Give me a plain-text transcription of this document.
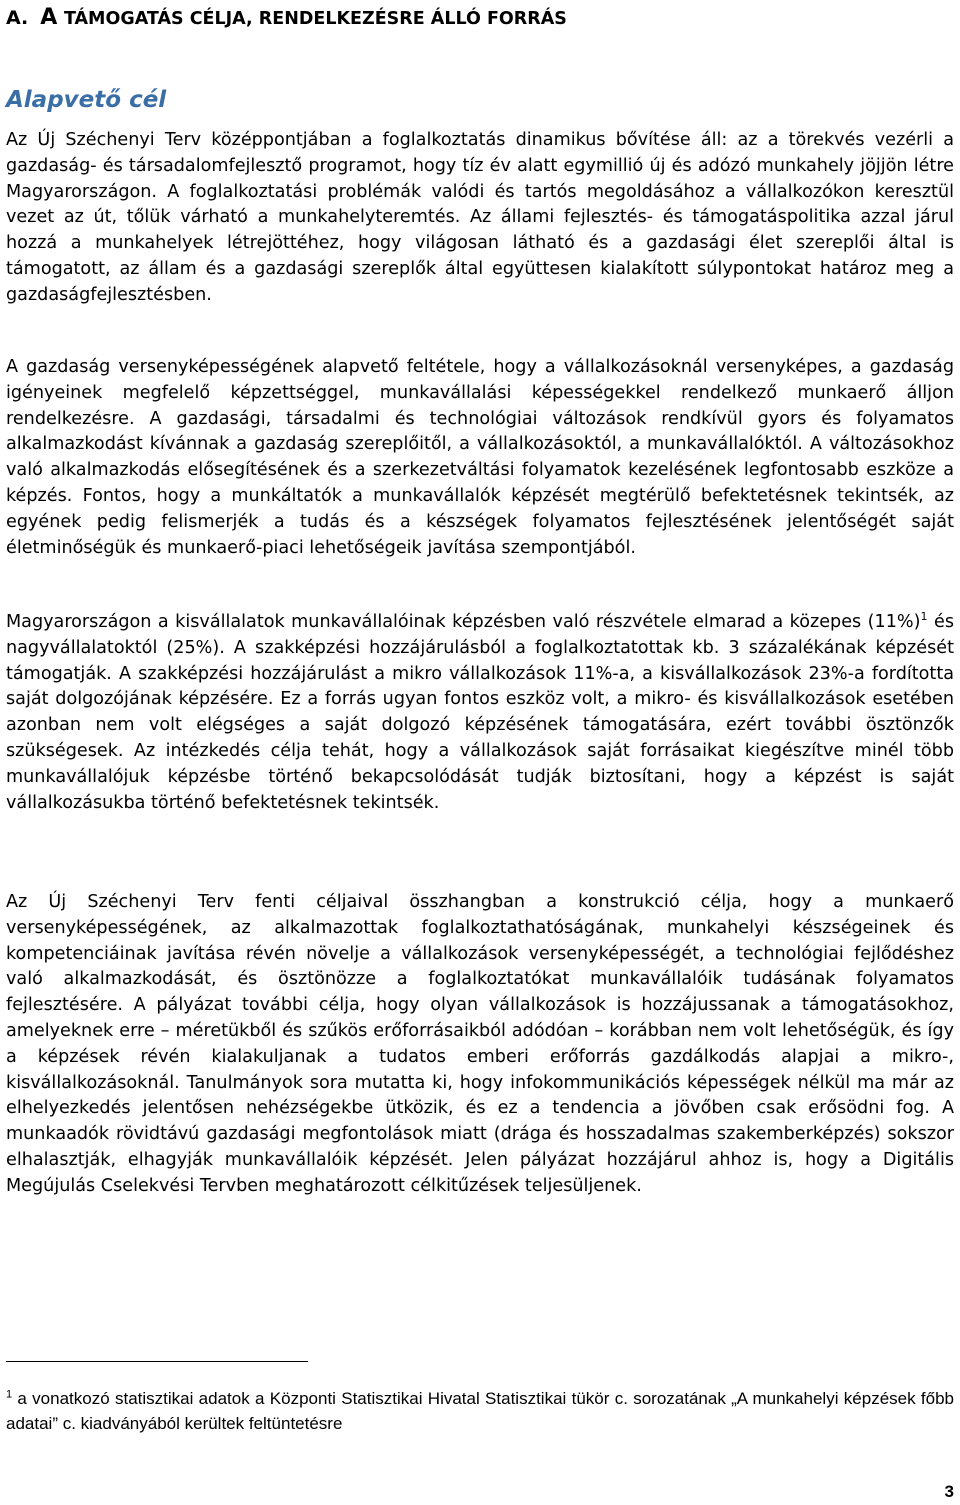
A. A TÁMOGATÁS CÉLJA, RENDELKEZÉSRE ÁLLÓ FORRÁS
Alapvető cél

Az Új Széchenyi Terv középpontjában a foglalkoztatás dinamikus bővítése áll: az a törekvés vezérli a gazdaság- és társadalomfejlesztő programot, hogy tíz év alatt egymillió új és adózó munkahely jöjjön létre Magyarországon. A foglalkoztatási problémák valódi és tartós megoldásához a vállalkozókon keresztül vezet az út, tőlük várható a munkahelyteremtés. Az állami fejlesztés- és támogatáspolitika azzal járul hozzá a munkahelyek létrejöttéhez, hogy világosan látható és a gazdasági élet szereplői által is támogatott, az állam és a gazdasági szereplők által együttesen kialakított súlypontokat határoz meg a gazdaságfejlesztésben.

A gazdaság versenyképességének alapvető feltétele, hogy a vállalkozásoknál versenyképes, a gazdaság igényeinek megfelelő képzettséggel, munkavállalási képességekkel rendelkező munkaerő álljon rendelkezésre. A gazdasági, társadalmi és technológiai változások rendkívül gyors és folyamatos alkalmazkodást kívánnak a gazdaság szereplőitől, a vállalkozásoktól, a munkavállalóktól. A változásokhoz való alkalmazkodás elősegítésének és a szerkezetváltási folyamatok kezelésének legfontosabb eszköze a képzés. Fontos, hogy a munkáltatók a munkavállalók képzését megtérülő befektetésnek tekintsék, az egyének pedig felismerjék a tudás és a készségek folyamatos fejlesztésének jelentőségét saját életminőségük és munkaerő-piaci lehetőségeik javítása szempontjából.

Magyarországon a kisvállalatok munkavállalóinak képzésben való részvétele elmarad a közepes $(11\%)^1$ és nagyvállalatoktól (25%). A szakképzési hozzájárulásból a foglalkoztatottak kb. 3 százalékának képzését támogatják. A szakképzési hozzájárulást a mikro vállalkozások 11%-a, a kisvállalkozások 23%-a fordította saját dolgozójának képzésére. Ez a forrás ugyan fontos eszköz volt, a mikro- és kisvállalkozások esetében azonban nem volt elégséges a saját dolgozó képzésének támogatására, ezért további ösztönzők szükségesek. Az intézkedés célja tehát, hogy a vállalkozások saját forrásaikat kiegészítve minél több munkavállalójuk képzésbe történő bekapcsolódását tudják biztosítani, hogy a képzést is saját vállalkozásukba történő befektetésnek tekintsék.

Az Új Széchenyi Terv fenti céljaival összhangban a konstrukció célja, hogy a munkaerő versenyképességének, az alkalmazottak foglalkoztathatóságának, munkahelyi készségeinek és kompetenciáinak javítása révén növelje a vállalkozások versenyképességét, a technológiai fejlődéshez való alkalmazkodását, és ösztönözze a foglalkoztatókat munkavállalóik tudásának folyamatos fejlesztésére. A pályázat további célja, hogy olyan vállalkozások is hozzájussanak a támogatásokhoz, amelyeknek erre – méretükből és szűkös erőforrásaikból adódóan – korábban nem volt lehetőségük, és így a képzések révén kialakuljanak a tudatos emberi erőforrás gazdálkodás alapjai a mikro-, kisvállalkozásoknál. Tanulmányok sora mutatta ki, hogy infokommunikációs képességek nélkül ma már az elhelyezkedés jelentősen nehézségekbe ütközik, és ez a tendencia a jövőben csak erősödni fog. A munkaadók rövidtávú gazdasági megfontolások miatt (drága és hosszadalmas szakemberképzés) sokszor elhalasztják, elhagyják munkavállalóik képzését. Jelen pályázat hozzájárul ahhoz is, hogy a Digitális Megújulás Cselekvési Tervben meghatározott célkitűzések teljesüljenek.

$^1$ a vonatkozó statisztikai adatok a Központi Statisztikai Hivatal Statisztikai tükör c. sorozatának „A munkahelyi képzések főbb adatai” c. kiadványából kerültek feltüntetésre

3
